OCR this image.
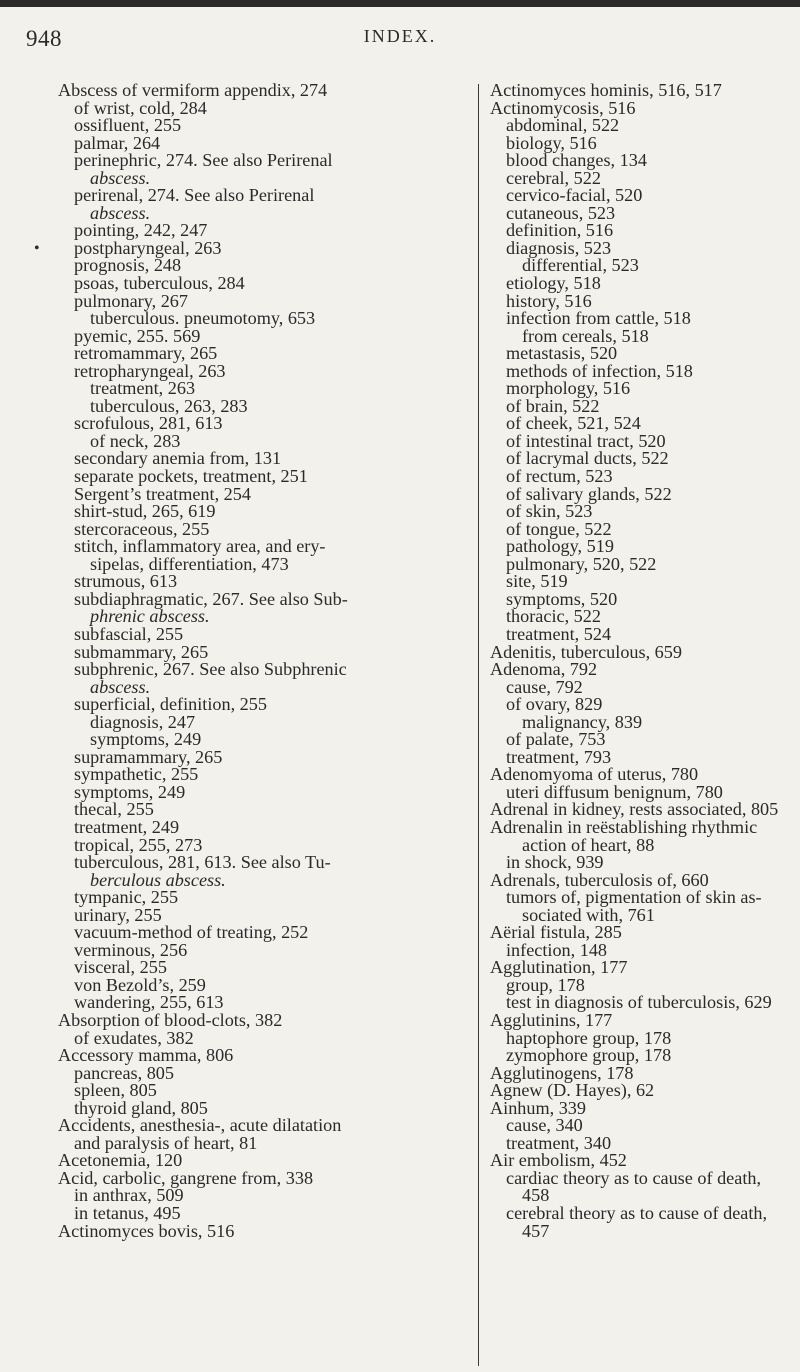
948	INDEX.
•
Abscess of vermiform appendix, 274
of wrist, cold, 284
ossifluent, 255
palmar, 264
perinephric, 274. See also Perirenal
abscess.
perirenal, 274. See also Perirenal
abscess.
pointing, 242, 247
postpharyngeal, 263
prognosis, 248
psoas, tuberculous, 284
pulmonary, 267
tuberculous. pneumotomy, 653
pyemic, 255. 569
retromammary, 265
retropharyngeal, 263
treatment, 263
tuberculous, 263, 283
scrofulous, 281, 613
of neck, 283
secondary anemia from, 131
separate pockets, treatment, 251
Sergent’s treatment, 254
shirt-stud, 265, 619
stercoraceous, 255
stitch, inflammatory area, and ery-
sipelas, differentiation, 473
strumous, 613
subdiaphragmatic, 267. See also Sub-
phrenic abscess.
subfascial, 255
submammary, 265
subphrenic, 267. See also Subphrenic
abscess.
superficial, definition, 255
diagnosis, 247
symptoms, 249
supramammary, 265
sympathetic, 255
symptoms, 249
thecal, 255
treatment, 249
tropical, 255, 273
tuberculous, 281, 613. See also Tu-
berculous abscess.
tympanic, 255
urinary, 255
vacuum-method of treating, 252
verminous, 256
visceral, 255
von Bezold’s, 259
wandering, 255, 613
Absorption of blood-clots, 382
of exudates, 382
Accessory mamma, 806
pancreas, 805
spleen, 805
thyroid gland, 805
Accidents, anesthesia-, acute dilatation
and paralysis of heart, 81
Acetonemia, 120
Acid, carbolic, gangrene from, 338
in anthrax, 509
in tetanus, 495
Actinomyces bovis, 516
Actinomyces hominis, 516, 517
Actinomycosis, 516
abdominal, 522
biology, 516
blood changes, 134
cerebral, 522
cervico-facial, 520
cutaneous, 523
definition, 516
diagnosis, 523
differential, 523
etiology, 518
history, 516
infection from cattle, 518
from cereals, 518
metastasis, 520
methods of infection, 518
morphology, 516
of brain, 522
of cheek, 521, 524
of intestinal tract, 520
of lacrymal ducts, 522
of rectum, 523
of salivary glands, 522
of skin, 523
of tongue, 522
pathology, 519
pulmonary, 520, 522
site, 519
symptoms, 520
thoracic, 522
treatment, 524
Adenitis, tuberculous, 659
Adenoma, 792
cause, 792
of ovary, 829
malignancy, 839
of palate, 753
treatment, 793
Adenomyoma of uterus, 780
uteri diffusum benignum, 780
Adrenal in kidney, rests associated, 805
Adrenalin in reëstablishing rhythmic
action of heart, 88
in shock, 939
Adrenals, tuberculosis of, 660
tumors of, pigmentation of skin as-
sociated with, 761
Aërial fistula, 285
infection, 148
Agglutination, 177
group, 178
test in diagnosis of tuberculosis, 629
Agglutinins, 177
haptophore group, 178
zymophore group, 178
Agglutinogens, 178
Agnew (D. Hayes), 62
Ainhum, 339
cause, 340
treatment, 340
Air embolism, 452
cardiac theory as to cause of death,
458
cerebral theory as to cause of death,
457
